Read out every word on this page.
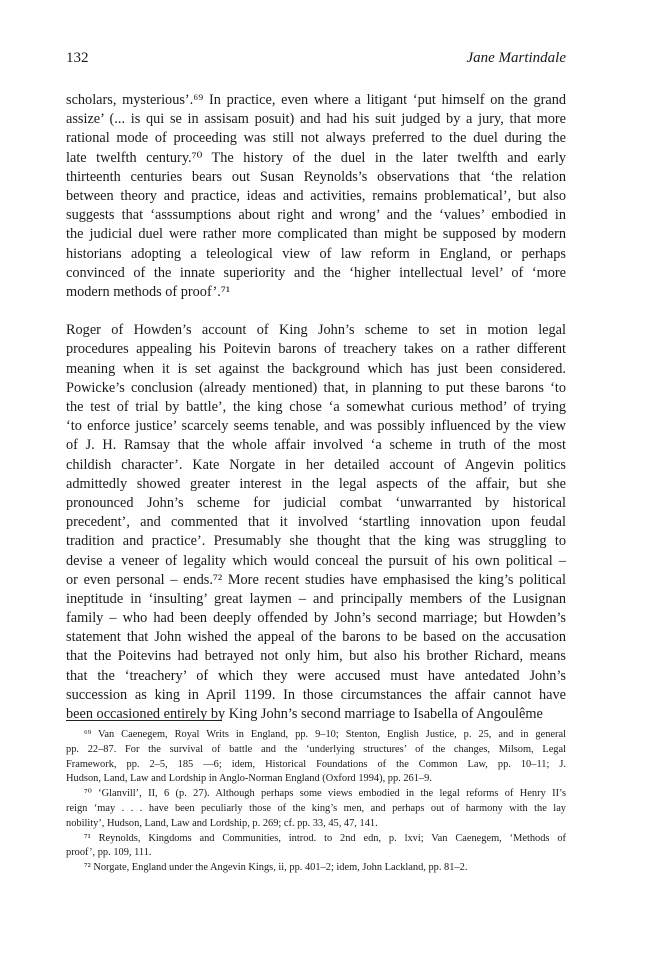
132	Jane Martindale
scholars, mysterious’.⁶⁹ In practice, even where a litigant ‘put himself on the grand
assize’ (... is qui se in assisam posuit) and had his suit judged by a jury, that more
rational mode of proceeding was still not always preferred to the duel during the
late twelfth century.⁷⁰ The history of the duel in the later twelfth and early
thirteenth centuries bears out Susan Reynolds’s observations that ‘the relation
between theory and practice, ideas and activities, remains problematical’, but also
suggests that ‘asssumptions about right and wrong’ and the ‘values’ embodied in
the judicial duel were rather more complicated than might be supposed by modern
historians adopting a teleological view of law reform in England, or perhaps
convinced of the innate superiority and the ‘higher intellectual level’ of ‘more
modern methods of proof’.⁷¹
Roger of Howden’s account of King John’s scheme to set in motion legal
procedures appealing his Poitevin barons of treachery takes on a rather different
meaning when it is set against the background which has just been considered.
Powicke’s conclusion (already mentioned) that, in planning to put these barons ‘to
the test of trial by battle’, the king chose ‘a somewhat curious method’ of trying
‘to enforce justice’ scarcely seems tenable, and was possibly influenced by the view
of J. H. Ramsay that the whole affair involved ‘a scheme in truth of the most
childish character’. Kate Norgate in her detailed account of Angevin politics
admittedly showed greater interest in the legal aspects of the affair, but she
pronounced John’s scheme for judicial combat ‘unwarranted by historical
precedent’, and commented that it involved ‘startling innovation upon feudal
tradition and practice’. Presumably she thought that the king was struggling to
devise a veneer of legality which would conceal the pursuit of his own political –
or even personal – ends.⁷² More recent studies have emphasised the king’s political
ineptitude in ‘insulting’ great laymen – and principally members of the Lusignan
family – who had been deeply offended by John’s second marriage; but Howden’s
statement that John wished the appeal of the barons to be based on the accusation
that the Poitevins had betrayed not only him, but also his brother Richard, means
that the ‘treachery’ of which they were accused must have antedated John’s
succession as king in April 1199. In those circumstances the affair cannot have
been occasioned entirely by King John’s second marriage to Isabella of Angoulême
⁶⁹ Van Caenegem, Royal Writs in England, pp. 9–10; Stenton, English Justice, p. 25, and in general
pp. 22–87. For the survival of battle and the ‘underlying structures’ of the changes, Milsom, Legal
Framework, pp. 2–5, 185 —6; idem, Historical Foundations of the Common Law, pp. 10–11; J.
Hudson, Land, Law and Lordship in Anglo-Norman England (Oxford 1994), pp. 261–9.
⁷⁰ ‘Glanvill’, II, 6 (p. 27). Although perhaps some views embodied in the legal reforms of Henry II’s
reign ‘may . . . have been peculiarly those of the king’s men, and perhaps out of harmony with the lay
nobility’, Hudson, Land, Law and Lordship, p. 269; cf. pp. 33, 45, 47, 141.
⁷¹ Reynolds, Kingdoms and Communities, introd. to 2nd edn, p. lxvi; Van Caenegem, ‘Methods of
proof’, pp. 109, 111.
⁷² Norgate, England under the Angevin Kings, ii, pp. 401–2; idem, John Lackland, pp. 81–2.
